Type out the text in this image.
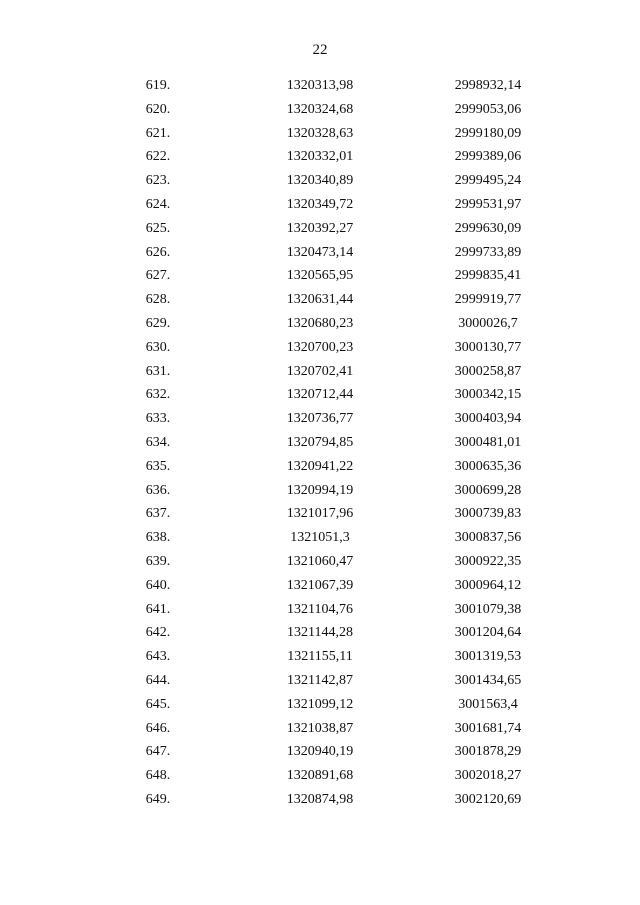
22
619.	1320313,98	2998932,14
620.	1320324,68	2999053,06
621.	1320328,63	2999180,09
622.	1320332,01	2999389,06
623.	1320340,89	2999495,24
624.	1320349,72	2999531,97
625.	1320392,27	2999630,09
626.	1320473,14	2999733,89
627.	1320565,95	2999835,41
628.	1320631,44	2999919,77
629.	1320680,23	3000026,7
630.	1320700,23	3000130,77
631.	1320702,41	3000258,87
632.	1320712,44	3000342,15
633.	1320736,77	3000403,94
634.	1320794,85	3000481,01
635.	1320941,22	3000635,36
636.	1320994,19	3000699,28
637.	1321017,96	3000739,83
638.	1321051,3	3000837,56
639.	1321060,47	3000922,35
640.	1321067,39	3000964,12
641.	1321104,76	3001079,38
642.	1321144,28	3001204,64
643.	1321155,11	3001319,53
644.	1321142,87	3001434,65
645.	1321099,12	3001563,4
646.	1321038,87	3001681,74
647.	1320940,19	3001878,29
648.	1320891,68	3002018,27
649.	1320874,98	3002120,69
